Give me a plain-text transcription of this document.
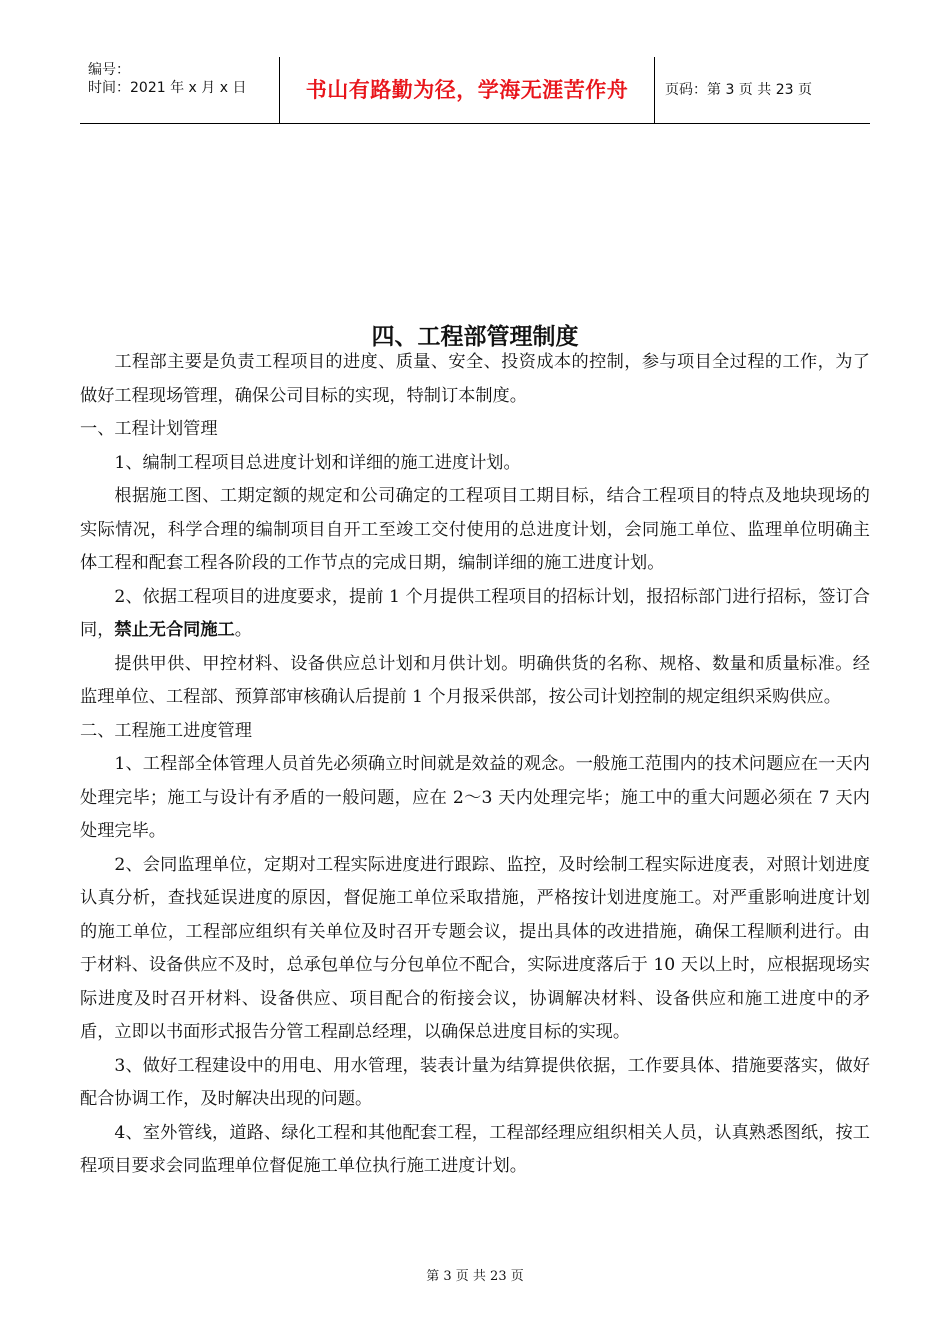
编号：
时间：2021 年 x 月 x 日	书山有路勤为径，学海无涯苦作舟	页码：第 3 页 共 23 页
四、工程部管理制度

工程部主要是负责工程项目的进度、质量、安全、投资成本的控制，参与项目全过程的工作，为了做好工程现场管理，确保公司目标的实现，特制订本制度。

一、工程计划管理

1、编制工程项目总进度计划和详细的施工进度计划。

根据施工图、工期定额的规定和公司确定的工程项目工期目标，结合工程项目的特点及地块现场的实际情况，科学合理的编制项目自开工至竣工交付使用的总进度计划，会同施工单位、监理单位明确主体工程和配套工程各阶段的工作节点的完成日期，编制详细的施工进度计划。

2、依据工程项目的进度要求，提前 1 个月提供工程项目的招标计划，报招标部门进行招标，签订合同，禁止无合同施工。

提供甲供、甲控材料、设备供应总计划和月供计划。明确供货的名称、规格、数量和质量标准。经监理单位、工程部、预算部审核确认后提前 1 个月报采供部，按公司计划控制的规定组织采购供应。

二、工程施工进度管理

1、工程部全体管理人员首先必须确立时间就是效益的观念。一般施工范围内的技术问题应在一天内处理完毕；施工与设计有矛盾的一般问题，应在 2～3 天内处理完毕；施工中的重大问题必须在 7 天内处理完毕。

2、会同监理单位，定期对工程实际进度进行跟踪、监控，及时绘制工程实际进度表，对照计划进度认真分析，查找延误进度的原因，督促施工单位采取措施，严格按计划进度施工。对严重影响进度计划的施工单位，工程部应组织有关单位及时召开专题会议，提出具体的改进措施，确保工程顺利进行。由于材料、设备供应不及时，总承包单位与分包单位不配合，实际进度落后于 10 天以上时，应根据现场实际进度及时召开材料、设备供应、项目配合的衔接会议，协调解决材料、设备供应和施工进度中的矛盾，立即以书面形式报告分管工程副总经理，以确保总进度目标的实现。

3、做好工程建设中的用电、用水管理，装表计量为结算提供依据，工作要具体、措施要落实，做好配合协调工作，及时解决出现的问题。

4、室外管线，道路、绿化工程和其他配套工程，工程部经理应组织相关人员，认真熟悉图纸，按工程项目要求会同监理单位督促施工单位执行施工进度计划。

第 3 页 共 23 页
